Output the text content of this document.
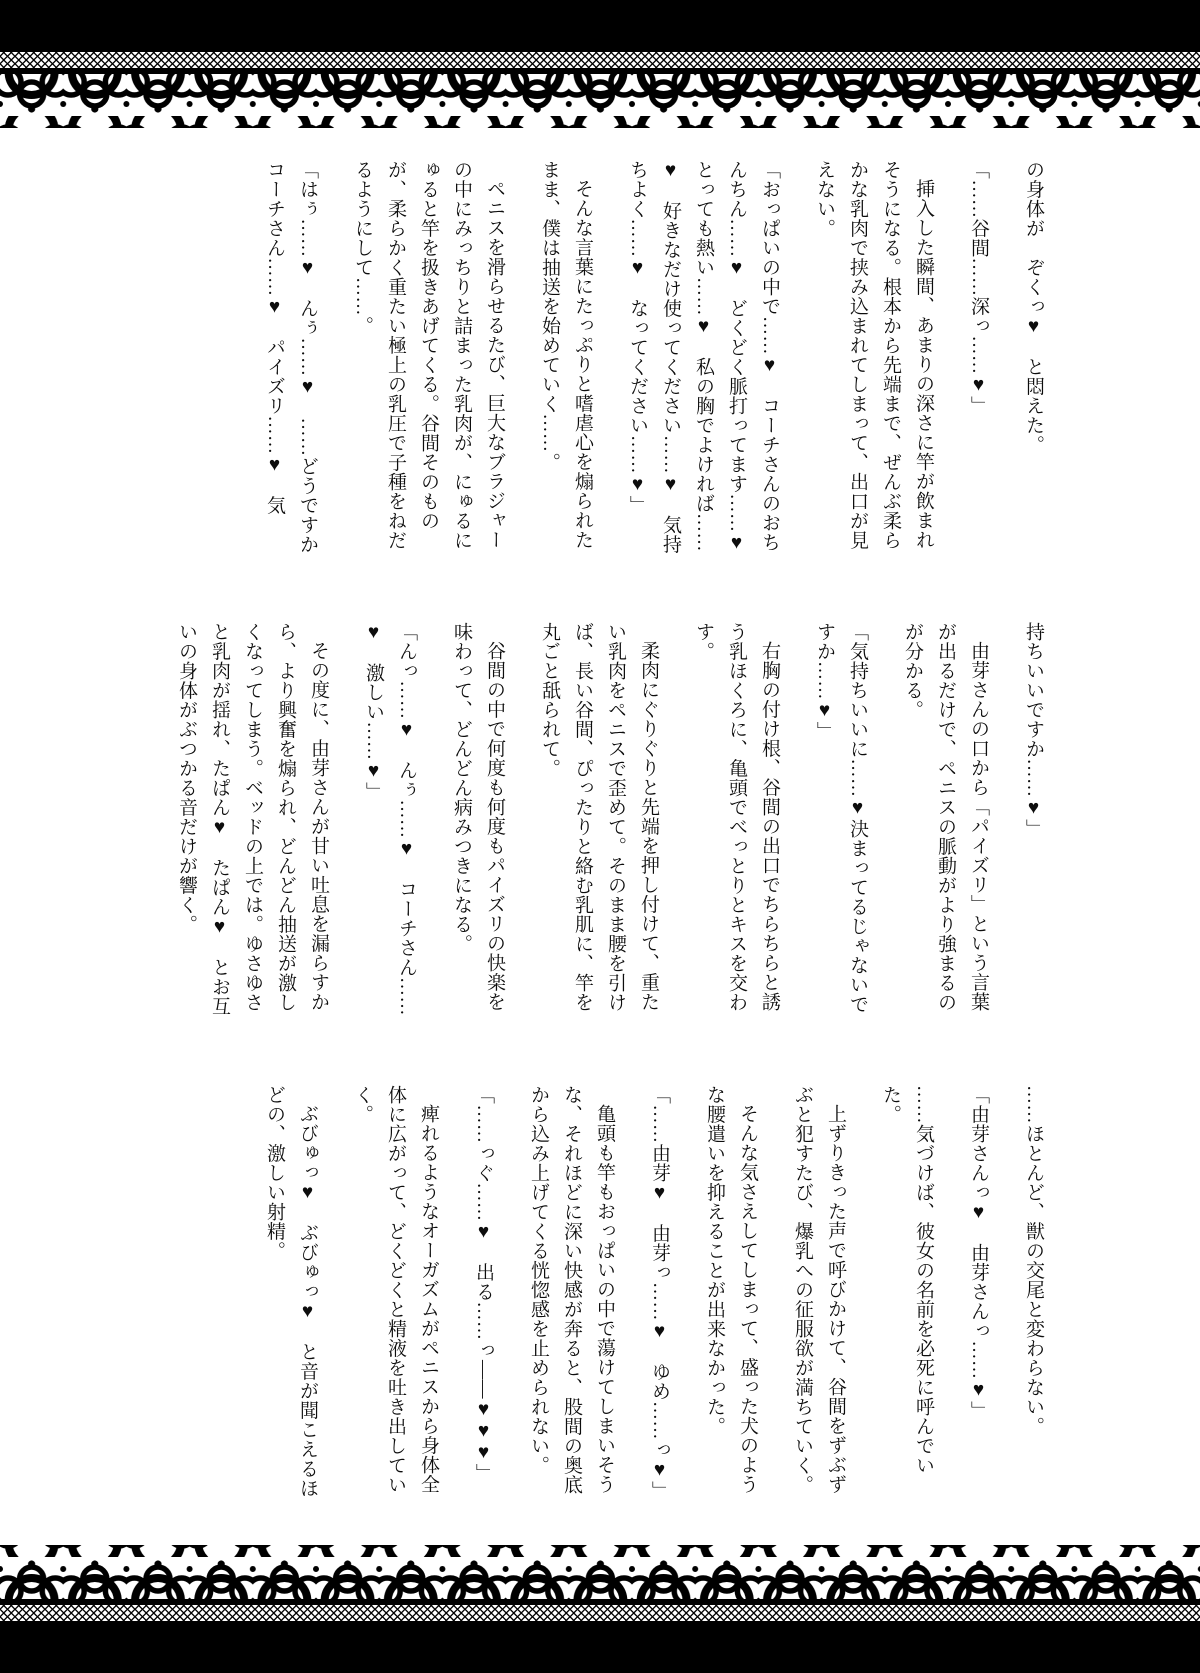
の身体が　ぞくっ♥　と悶えた。

「……谷間……深っ……♥」

挿入した瞬間、あまりの深さに竿が飲まれそうになる。根本から先端まで、ぜんぶ柔らかな乳肉で挟み込まれてしまって、出口が見えない。

「おっぱいの中で……♥　コーチさんのおちんちん……♥　どくどく脈打ってます……♥　とっても熱い……♥　私の胸でよければ……♥　好きなだけ使ってください……♥　気持ちよく……♥　なってください……♥」

そんな言葉にたっぷりと嗜虐心を煽られたまま、僕は抽送を始めていく……。

ペニスを滑らせるたび、巨大なブラジャーの中にみっちりと詰まった乳肉が、にゅるにゅると竿を扱きあげてくる。谷間そのものが、柔らかく重たい極上の乳圧で子種をねだるようにして……。

「はぅ……♥　んぅ……♥　……どうですかコーチさん……♥　パイズリ……♥　気

持ちいいですか……♥」

由芽さんの口から「パイズリ」という言葉が出るだけで、ペニスの脈動がより強まるのが分かる。

「気持ちいいに……♥決まってるじゃないですか……♥」

右胸の付け根、谷間の出口でちらちらと誘う乳ほくろに、亀頭でべっとりとキスを交わす。

柔肉にぐりぐりと先端を押し付けて、重たい乳肉をペニスで歪めて。そのまま腰を引けば、長い谷間、ぴったりと絡む乳肌に、竿を丸ごと舐られて。

谷間の中で何度も何度もパイズリの快楽を味わって、どんどん病みつきになる。

「んっ……♥　んぅ……♥　コーチさん……♥　激しい……♥」

その度に、由芽さんが甘い吐息を漏らすから、より興奮を煽られ、どんどん抽送が激しくなってしまう。ベッドの上では。ゆさゆさと乳肉が揺れ、たぱん♥　たぱん♥　とお互いの身体がぶつかる音だけが響く。

……ほとんど、獣の交尾と変わらない。

「由芽さんっ♥　由芽さんっ……♥」

……気づけば、彼女の名前を必死に呼んでいた。

上ずりきった声で呼びかけて、谷間をずぶずぶと犯すたび、爆乳への征服欲が満ちていく。

そんな気さえしてしまって、盛った犬のような腰遣いを抑えることが出来なかった。

「……由芽♥　由芽っ……♥　ゆめ……っ♥」

亀頭も竿もおっぱいの中で蕩けてしまいそうな、それほどに深い快感が奔ると、股間の奥底から込み上げてくる恍惚感を止められない。

「……っぐ……♥　出る……っ——♥♥♥」

痺れるようなオーガズムがペニスから身体全体に広がって、どくどくと精液を吐き出していく。

ぶびゅっ♥　ぶびゅっ♥　と音が聞こえるほどの、激しい射精。
